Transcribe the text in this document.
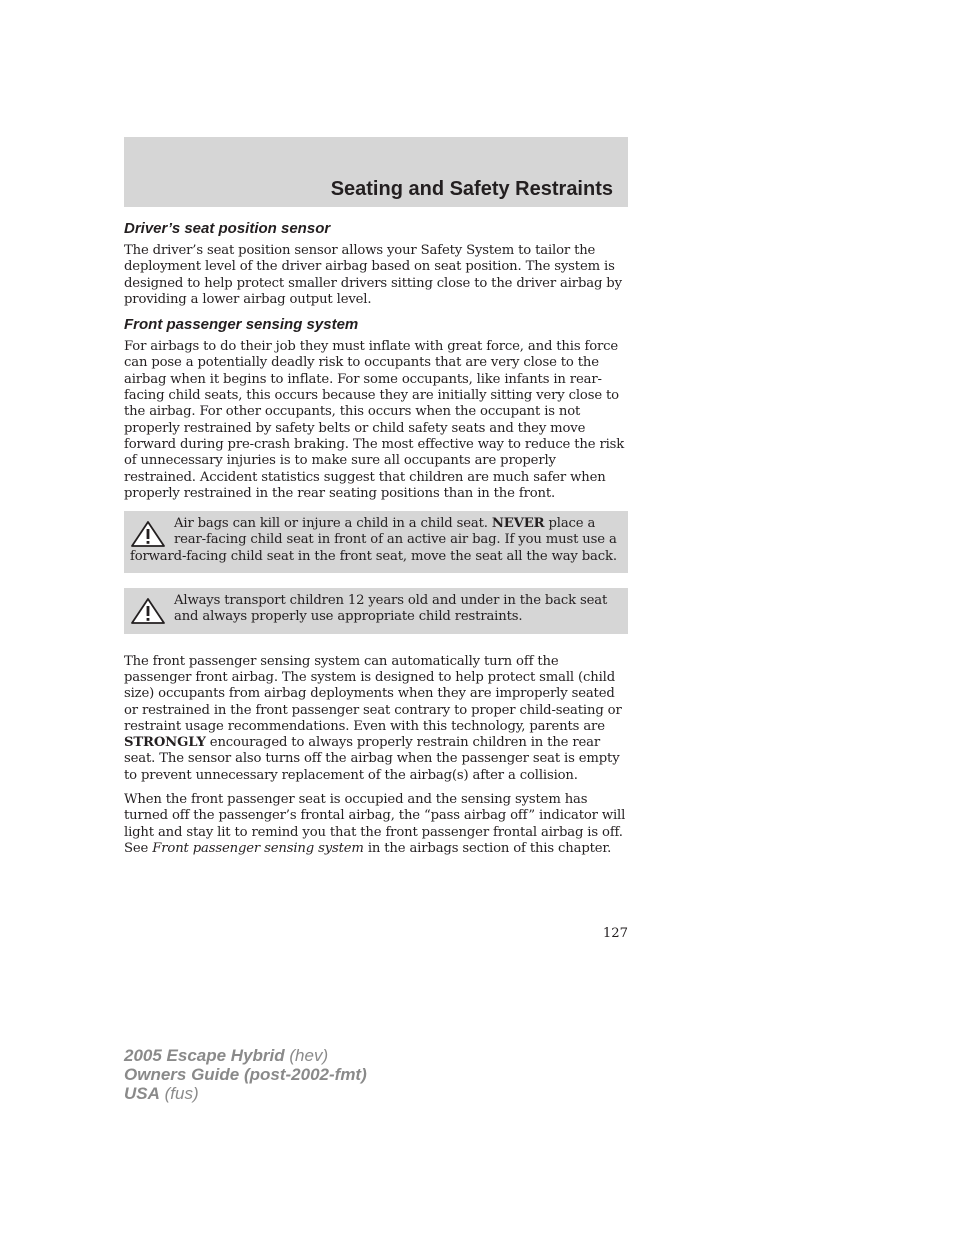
Seating and Safety Restraints
Driver’s seat position sensor

The driver’s seat position sensor allows your Safety System to tailor the deployment level of the driver airbag based on seat position. The system is designed to help protect smaller drivers sitting close to the driver airbag by providing a lower airbag output level.

Front passenger sensing system

For airbags to do their job they must inflate with great force, and this force can pose a potentially deadly risk to occupants that are very close to the airbag when it begins to inflate. For some occupants, like infants in rear-facing child seats, this occurs because they are initially sitting very close to the airbag. For other occupants, this occurs when the occupant is not properly restrained by safety belts or child safety seats and they move forward during pre-crash braking. The most effective way to reduce the risk of unnecessary injuries is to make sure all occupants are properly restrained. Accident statistics suggest that children are much safer when properly restrained in the rear seating positions than in the front.

Air bags can kill or injure a child in a child seat. NEVER place a rear-facing child seat in front of an active air bag. If you must use a forward-facing child seat in the front seat, move the seat all the way back.
Always transport children 12 years old and under in the back seat and always properly use appropriate child restraints.

The front passenger sensing system can automatically turn off the passenger front airbag. The system is designed to help protect small (child size) occupants from airbag deployments when they are improperly seated or restrained in the front passenger seat contrary to proper child-seating or restraint usage recommendations. Even with this technology, parents are STRONGLY encouraged to always properly restrain children in the rear seat. The sensor also turns off the airbag when the passenger seat is empty to prevent unnecessary replacement of the airbag(s) after a collision.

When the front passenger seat is occupied and the sensing system has turned off the passenger’s frontal airbag, the “pass airbag off” indicator will light and stay lit to remind you that the front passenger frontal airbag is off. See Front passenger sensing system in the airbags section of this chapter.

127
2005 Escape Hybrid (hev)
Owners Guide (post-2002-fmt)
USA (fus)
